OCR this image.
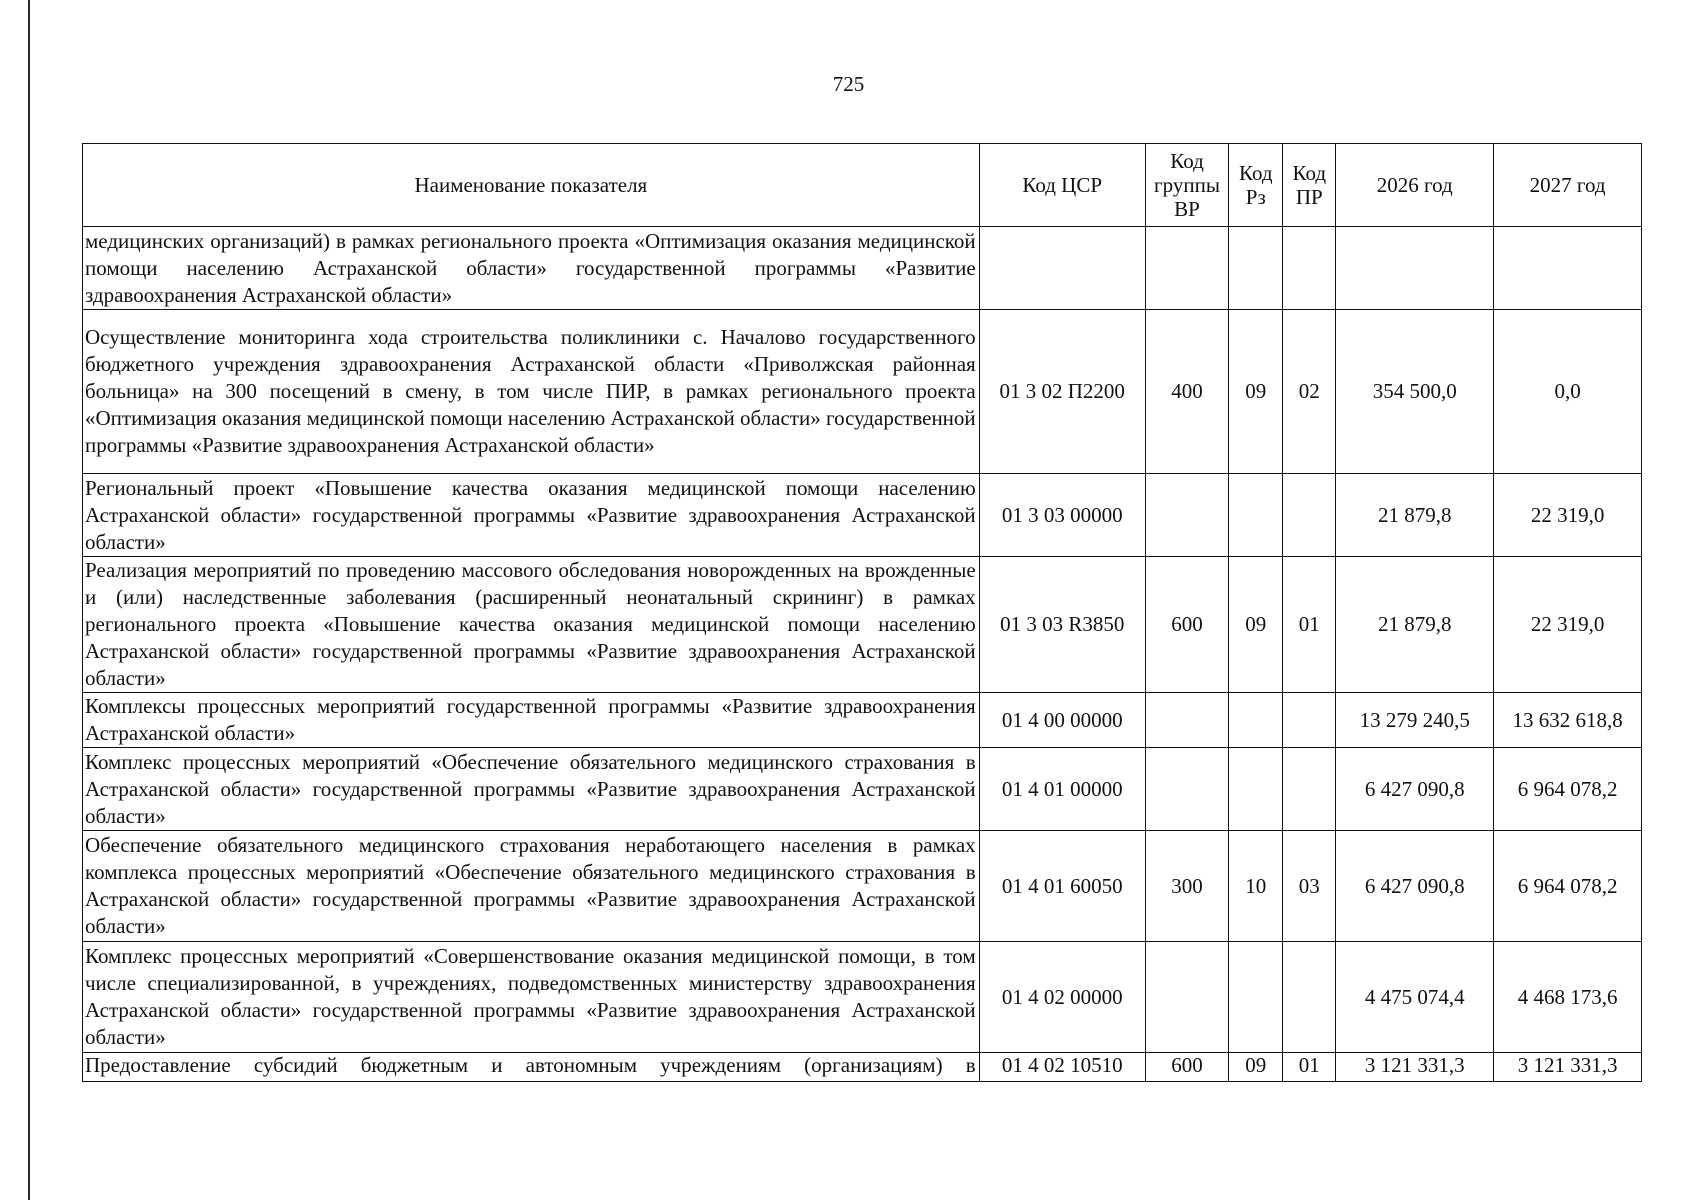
725
Наименование показателя	Код ЦСР	Код группы ВР	Код Рз	Код ПР	2026 год	2027 год
медицинских организаций) в рамках регионального проекта «Оптимизация оказания медицинской помощи населению Астраханской области» государственной программы «Развитие здравоохранения Астраханской области»						
Осуществление мониторинга хода строительства поликлиники с. Началово государственного бюджетного учреждения здравоохранения Астраханской области «Приволжская районная больница» на 300 посещений в смену, в том числе ПИР, в рамках регионального проекта «Оптимизация оказания медицинской помощи населению Астраханской области» государственной программы «Развитие здравоохранения Астраханской области»	01 3 02 П2200	400	09	02	354 500,0	0,0
Региональный проект «Повышение качества оказания медицинской помощи населению Астраханской области» государственной программы «Развитие здравоохранения Астраханской области»	01 3 03 00000				21 879,8	22 319,0
Реализация мероприятий по проведению массового обследования новорожденных на врожденные и (или) наследственные заболевания (расширенный неонатальный скрининг) в рамках регионального проекта «Повышение качества оказания медицинской помощи населению Астраханской области» государственной программы «Развитие здравоохранения Астраханской области»	01 3 03 R3850	600	09	01	21 879,8	22 319,0
Комплексы процессных мероприятий государственной программы «Развитие здравоохранения Астраханской области»	01 4 00 00000				13 279 240,5	13 632 618,8
Комплекс процессных мероприятий «Обеспечение обязательного медицинского страхования в Астраханской области» государственной программы «Развитие здравоохранения Астраханской области»	01 4 01 00000				6 427 090,8	6 964 078,2
Обеспечение обязательного медицинского страхования неработающего населения в рамках комплекса процессных мероприятий «Обеспечение обязательного медицинского страхования в Астраханской области» государственной программы «Развитие здравоохранения Астраханской области»	01 4 01 60050	300	10	03	6 427 090,8	6 964 078,2
Комплекс процессных мероприятий «Совершенствование оказания медицинской помощи, в том числе специализированной, в учреждениях, подведомственных министерству здравоохранения Астраханской области» государственной программы «Развитие здравоохранения Астраханской области»	01 4 02 00000				4 475 074,4	4 468 173,6
Предоставление субсидий бюджетным и автономным учреждениям (организациям) в	01 4 02 10510	600	09	01	3 121 331,3	3 121 331,3
